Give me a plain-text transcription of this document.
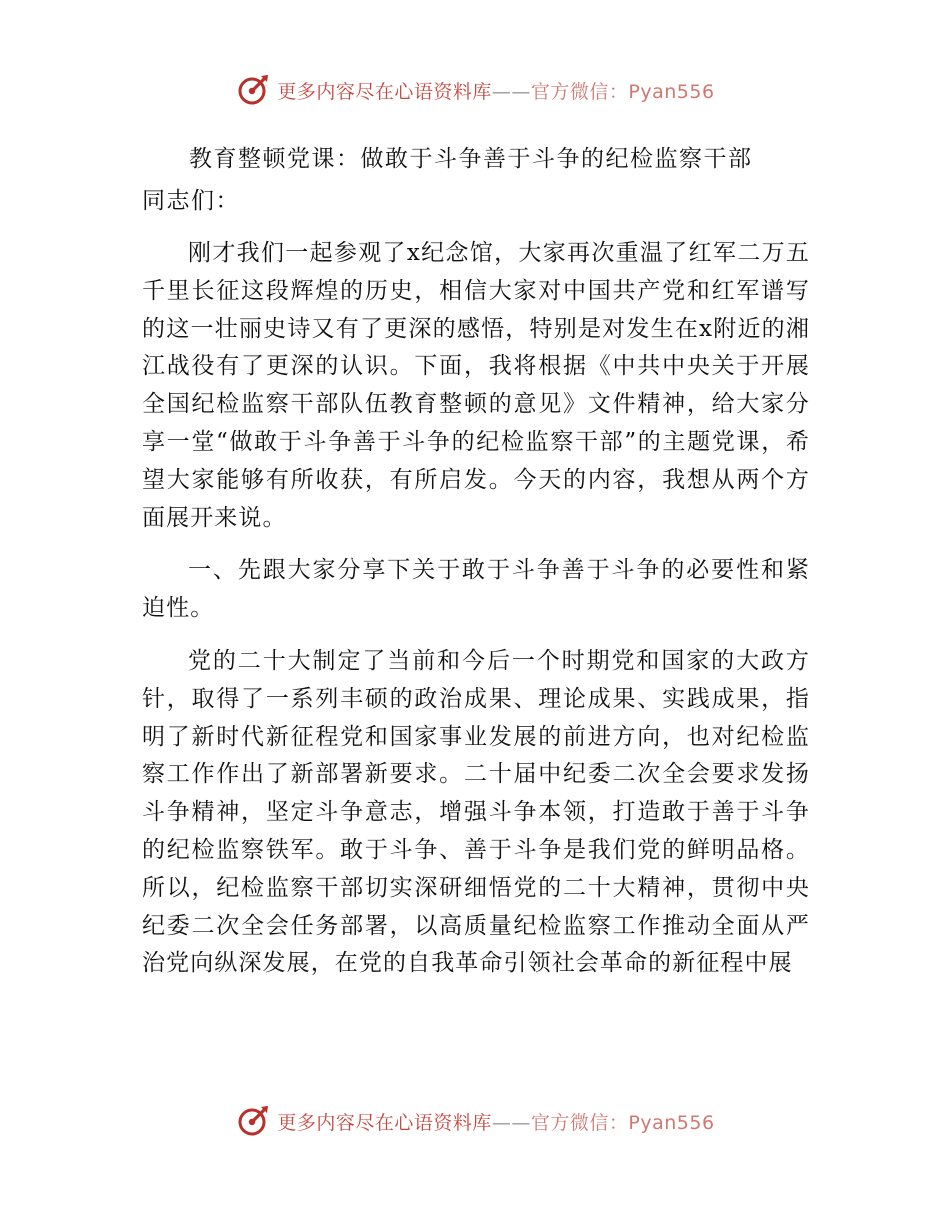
更多内容尽在心语资料库——官方微信：Pyan556
教育整顿党课：做敢于斗争善于斗争的纪检监察干部

同志们：

刚才我们一起参观了x纪念馆，大家再次重温了红军二万五千里长征这段辉煌的历史，相信大家对中国共产党和红军谱写的这一壮丽史诗又有了更深的感悟，特别是对发生在x附近的湘江战役有了更深的认识。下面，我将根据《中共中央关于开展全国纪检监察干部队伍教育整顿的意见》文件精神，给大家分享一堂“做敢于斗争善于斗争的纪检监察干部”的主题党课，希望大家能够有所收获，有所启发。今天的内容，我想从两个方面展开来说。

一、先跟大家分享下关于敢于斗争善于斗争的必要性和紧迫性。

党的二十大制定了当前和今后一个时期党和国家的大政方针，取得了一系列丰硕的政治成果、理论成果、实践成果，指明了新时代新征程党和国家事业发展的前进方向，也对纪检监察工作作出了新部署新要求。二十届中纪委二次全会要求发扬斗争精神，坚定斗争意志，增强斗争本领，打造敢于善于斗争的纪检监察铁军。敢于斗争、善于斗争是我们党的鲜明品格。所以，纪检监察干部切实深研细悟党的二十大精神，贯彻中央纪委二次全会任务部署，以高质量纪检监察工作推动全面从严治党向纵深发展，在党的自我革命引领社会革命的新征程中展

更多内容尽在心语资料库——官方微信：Pyan556
